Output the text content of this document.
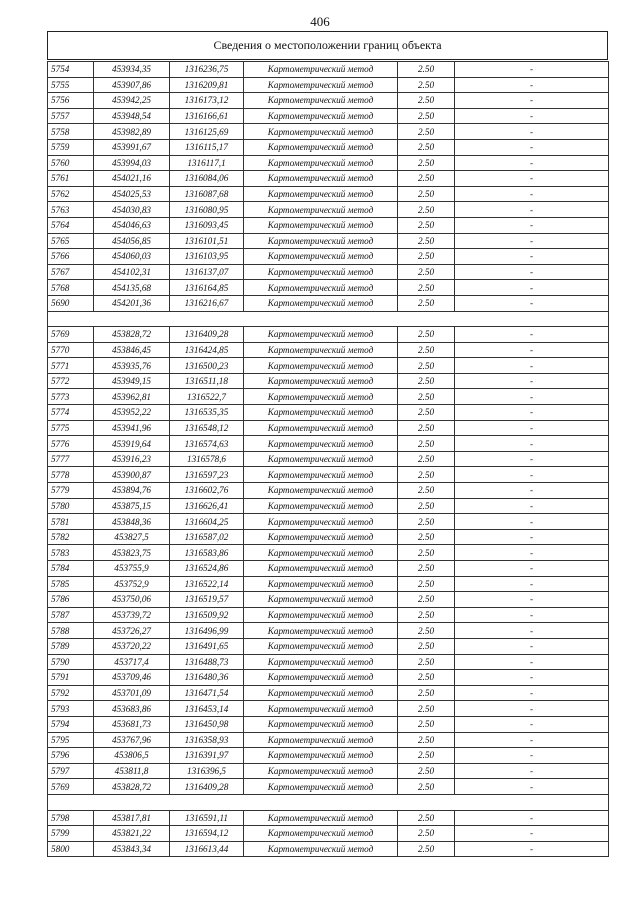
406
Сведения о местоположении границ объекта
5754	453934,35	1316236,75	Картометрический метод	2.50	-
5755	453907,86	1316209,81	Картометрический метод	2.50	-
5756	453942,25	1316173,12	Картометрический метод	2.50	-
5757	453948,54	1316166,61	Картометрический метод	2.50	-
5758	453982,89	1316125,69	Картометрический метод	2.50	-
5759	453991,67	1316115,17	Картометрический метод	2.50	-
5760	453994,03	1316117,1	Картометрический метод	2.50	-
5761	454021,16	1316084,06	Картометрический метод	2.50	-
5762	454025,53	1316087,68	Картометрический метод	2.50	-
5763	454030,83	1316080,95	Картометрический метод	2.50	-
5764	454046,63	1316093,45	Картометрический метод	2.50	-
5765	454056,85	1316101,51	Картометрический метод	2.50	-
5766	454060,03	1316103,95	Картометрический метод	2.50	-
5767	454102,31	1316137,07	Картометрический метод	2.50	-
5768	454135,68	1316164,85	Картометрический метод	2.50	-
5690	454201,36	1316216,67	Картометрический метод	2.50	-

5769	453828,72	1316409,28	Картометрический метод	2.50	-
5770	453846,45	1316424,85	Картометрический метод	2.50	-
5771	453935,76	1316500,23	Картометрический метод	2.50	-
5772	453949,15	1316511,18	Картометрический метод	2.50	-
5773	453962,81	1316522,7	Картометрический метод	2.50	-
5774	453952,22	1316535,35	Картометрический метод	2.50	-
5775	453941,96	1316548,12	Картометрический метод	2.50	-
5776	453919,64	1316574,63	Картометрический метод	2.50	-
5777	453916,23	1316578,6	Картометрический метод	2.50	-
5778	453900,87	1316597,23	Картометрический метод	2.50	-
5779	453894,76	1316602,76	Картометрический метод	2.50	-
5780	453875,15	1316626,41	Картометрический метод	2.50	-
5781	453848,36	1316604,25	Картометрический метод	2.50	-
5782	453827,5	1316587,02	Картометрический метод	2.50	-
5783	453823,75	1316583,86	Картометрический метод	2.50	-
5784	453755,9	1316524,86	Картометрический метод	2.50	-
5785	453752,9	1316522,14	Картометрический метод	2.50	-
5786	453750,06	1316519,57	Картометрический метод	2.50	-
5787	453739,72	1316509,92	Картометрический метод	2.50	-
5788	453726,27	1316496,99	Картометрический метод	2.50	-
5789	453720,22	1316491,65	Картометрический метод	2.50	-
5790	453717,4	1316488,73	Картометрический метод	2.50	-
5791	453709,46	1316480,36	Картометрический метод	2.50	-
5792	453701,09	1316471,54	Картометрический метод	2.50	-
5793	453683,86	1316453,14	Картометрический метод	2.50	-
5794	453681,73	1316450,98	Картометрический метод	2.50	-
5795	453767,96	1316358,93	Картометрический метод	2.50	-
5796	453806,5	1316391,97	Картометрический метод	2.50	-
5797	453811,8	1316396,5	Картометрический метод	2.50	-
5769	453828,72	1316409,28	Картометрический метод	2.50	-

5798	453817,81	1316591,11	Картометрический метод	2.50	-
5799	453821,22	1316594,12	Картометрический метод	2.50	-
5800	453843,34	1316613,44	Картометрический метод	2.50	-
